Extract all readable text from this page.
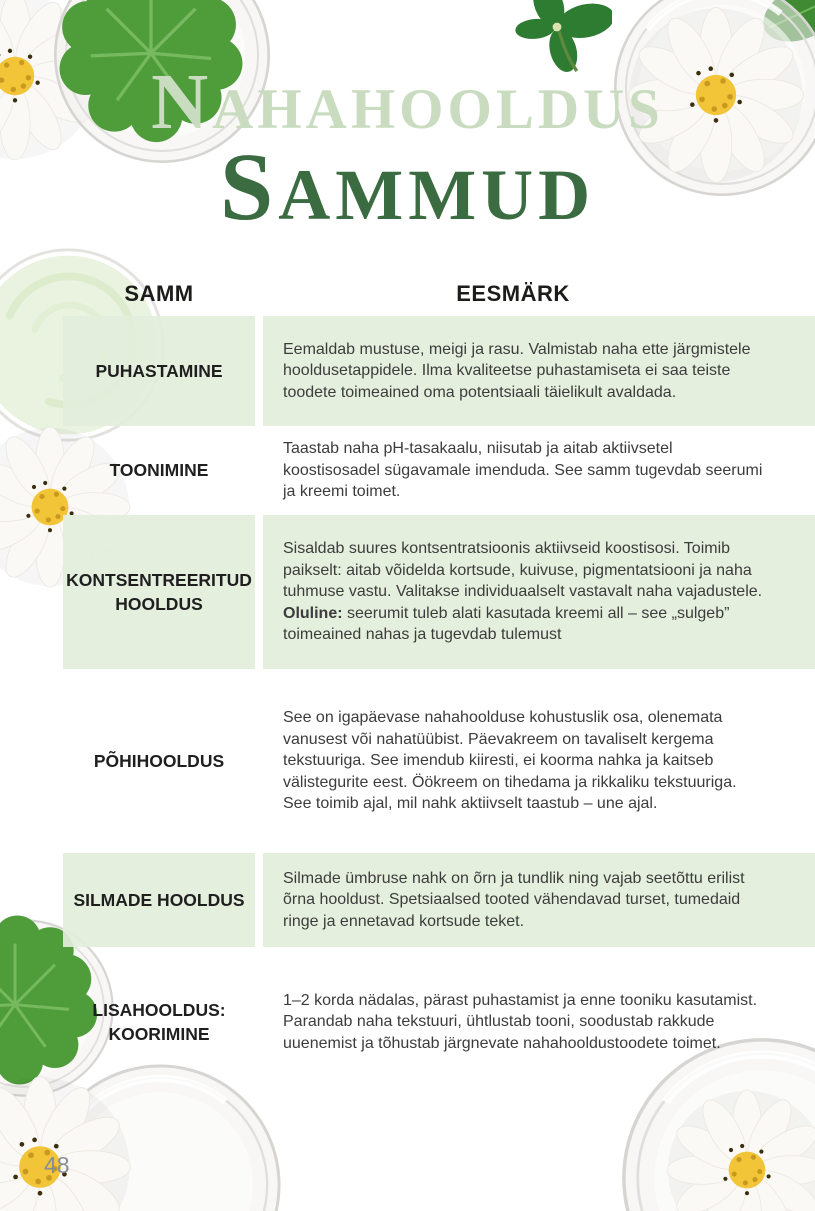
NAHAHOOLDUS
SAMMUD
SAMM	EESMÄRK
PUHASTAMINE

Eemaldab mustuse, meigi ja rasu. Valmistab naha ette järgmistele hooldusetappidele. Ilma kvaliteetse puhastamiseta ei saa teiste toodete toimeained oma potentsiaali täielikult avaldada.

TOONIMINE

Taastab naha pH-tasakaalu, niisutab ja aitab aktiivsetel koostisosadel sügavamale imenduda. See samm tugevdab seerumi ja kreemi toimet.

KONTSENTREERITUD HOOLDUS

Sisaldab suures kontsentratsioonis aktiivseid koostisosi. Toimib paikselt: aitab võidelda kortsude, kuivuse, pigmentatsiooni ja naha tuhmuse vastu. Valitakse individuaalselt vastavalt naha vajadustele.

Oluline: seerumit tuleb alati kasutada kreemi all – see „sulgeb” toimeained nahas ja tugevdab tulemust

PÕHIHOOLDUS

See on igapäevase nahahoolduse kohustuslik osa, olenemata vanusest või nahatüübist. Päevakreem on tavaliselt kergema tekstuuriga. See imendub kiiresti, ei koorma nahka ja kaitseb välistegurite eest. Öökreem on tihedama ja rikkaliku tekstuuriga. See toimib ajal, mil nahk aktiivselt taastub – une ajal.

SILMADE HOOLDUS

Silmade ümbruse nahk on õrn ja tundlik ning vajab seetõttu erilist õrna hooldust. Spetsiaalsed tooted vähendavad turset, tumedaid ringe ja ennetavad kortsude teket.

LISAHOOLDUS: KOORIMINE

1–2 korda nädalas, pärast puhastamist ja enne tooniku kasutamist.

Parandab naha tekstuuri, ühtlustab tooni, soodustab rakkude uuenemist ja tõhustab järgnevate nahahooldustoodete toimet.

48
